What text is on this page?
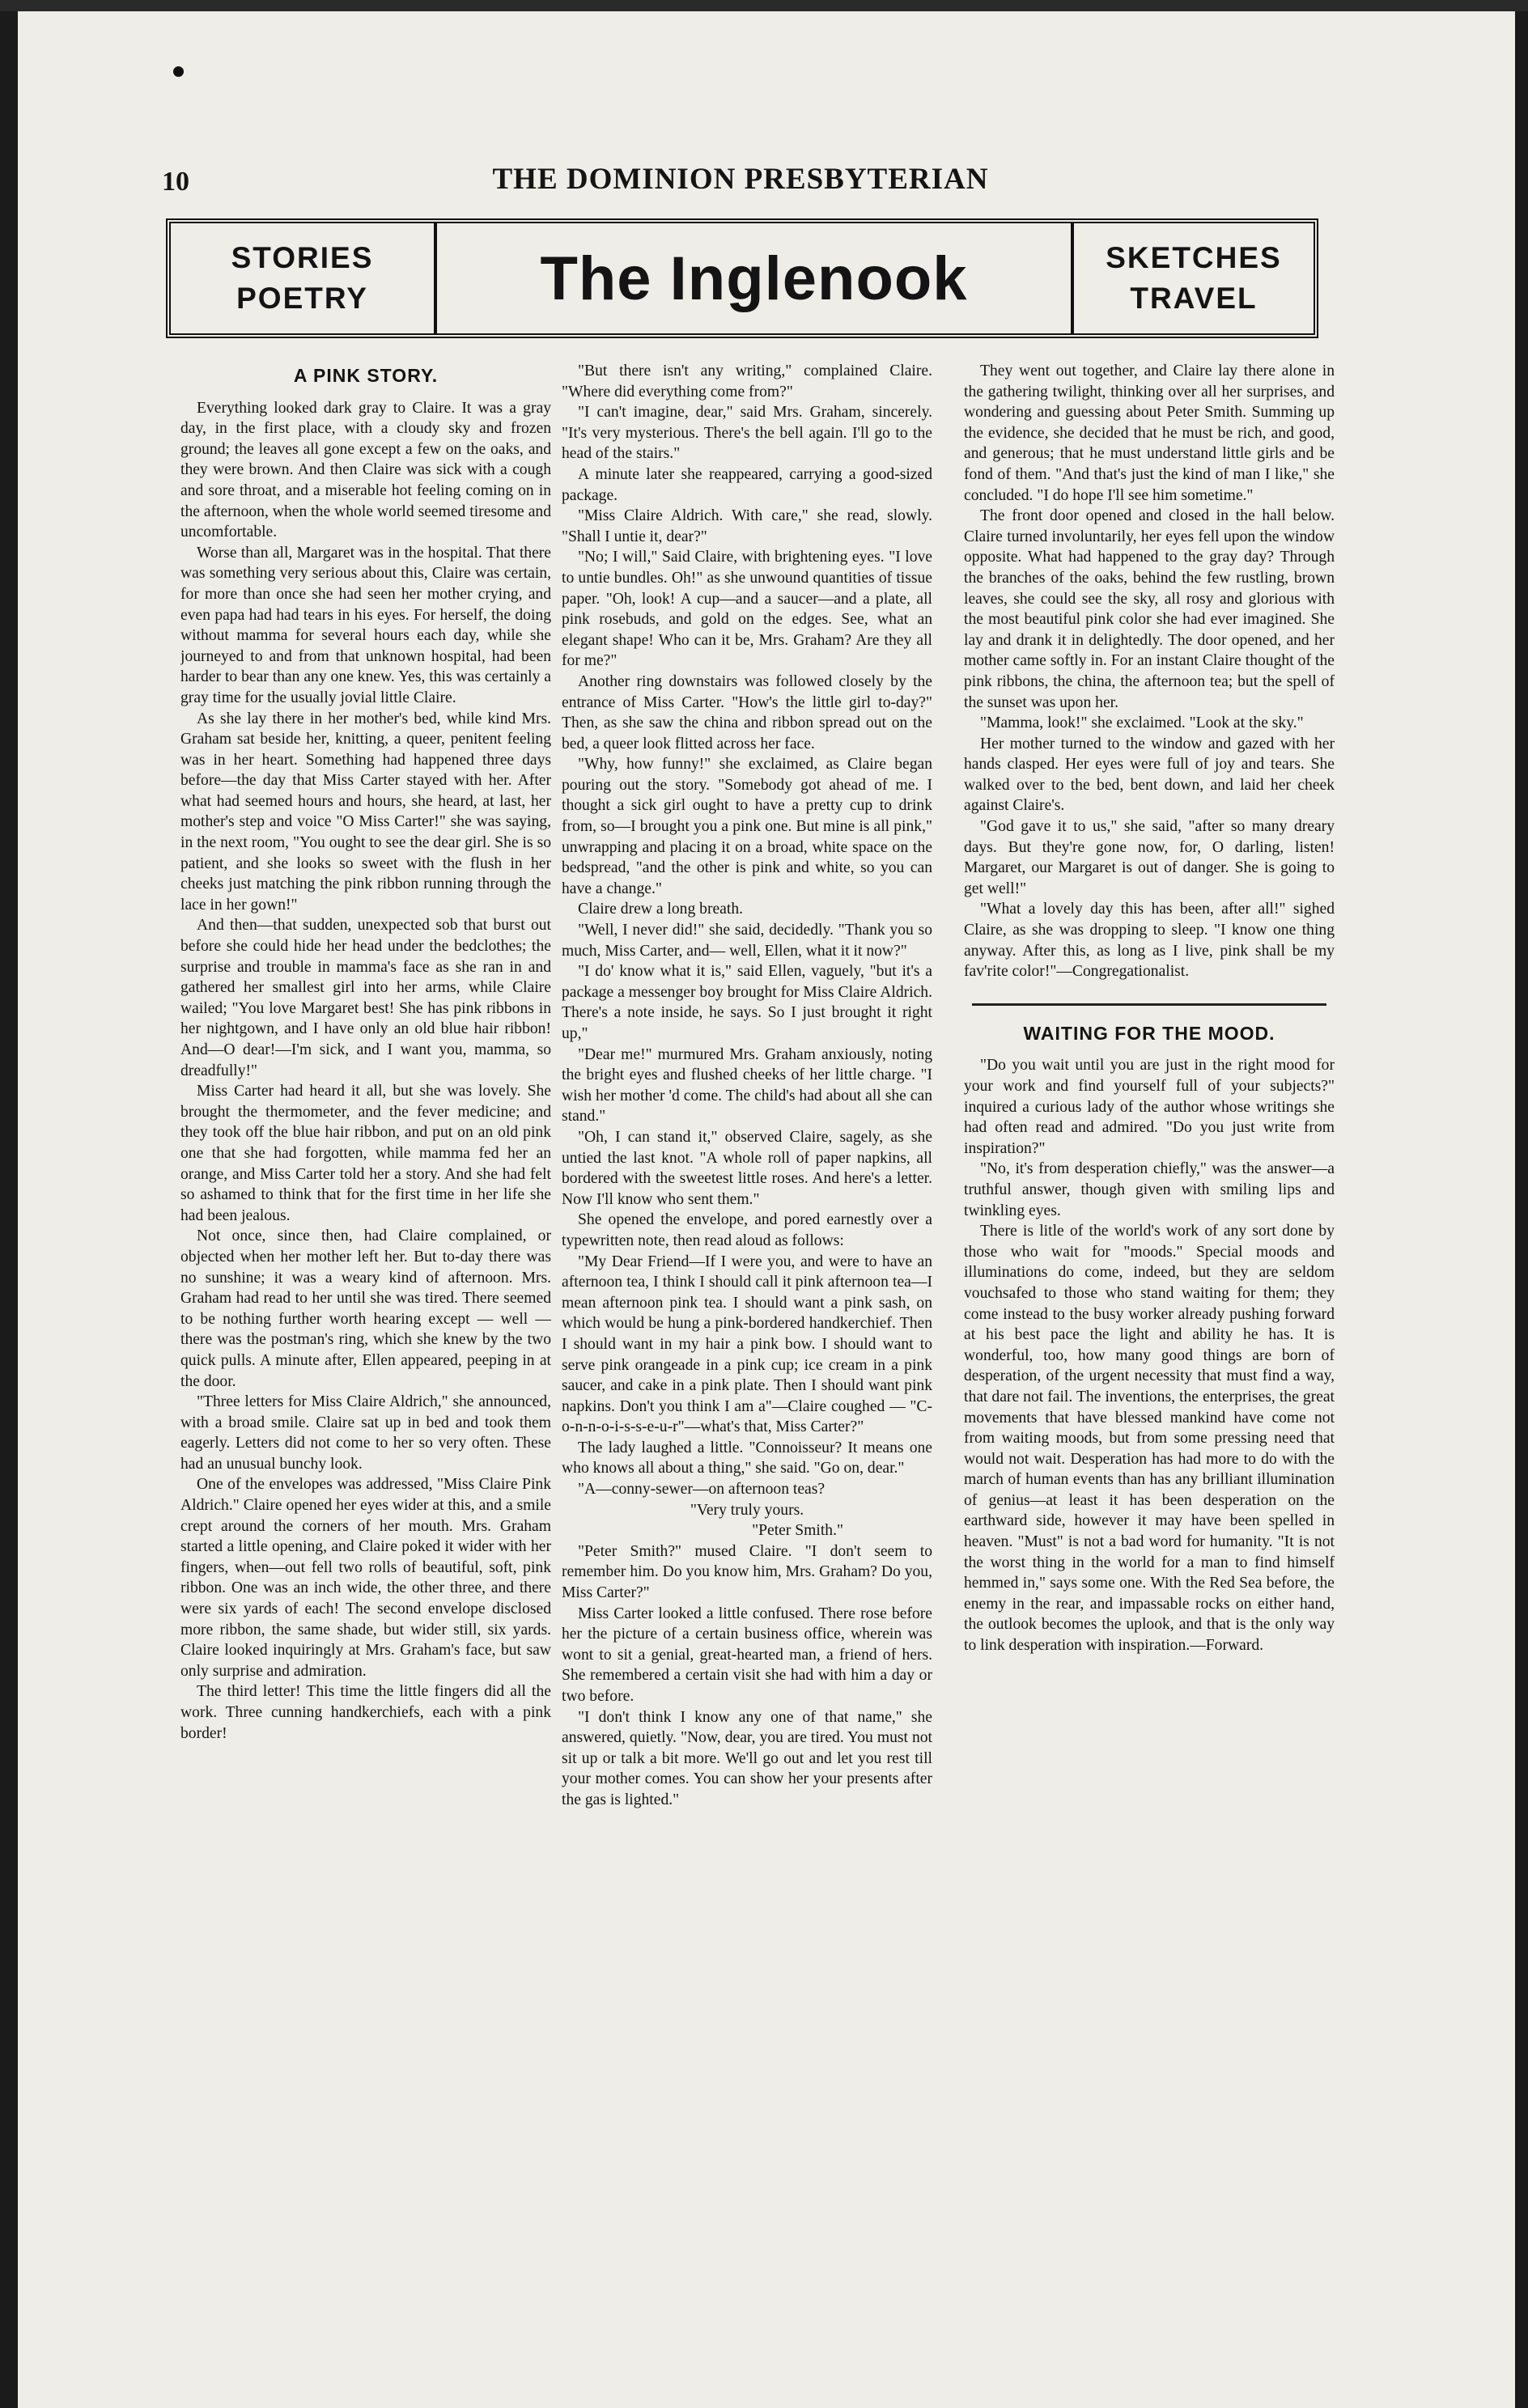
10	THE DOMINION PRESBYTERIAN
STORIES
POETRY	The Inglenook	SKETCHES
TRAVEL
A PINK STORY.

Everything looked dark gray to Claire. It was a gray day, in the first place, with a cloudy sky and frozen ground; the leaves all gone except a few on the oaks, and they were brown. And then Claire was sick with a cough and sore throat, and a miserable hot feeling coming on in the afternoon, when the whole world seemed tiresome and uncomfortable.

Worse than all, Margaret was in the hospital. That there was something very serious about this, Claire was certain, for more than once she had seen her mother crying, and even papa had had tears in his eyes. For herself, the doing without mamma for several hours each day, while she journeyed to and from that unknown hospital, had been harder to bear than any one knew. Yes, this was certainly a gray time for the usually jovial little Claire.

As she lay there in her mother's bed, while kind Mrs. Graham sat beside her, knitting, a queer, penitent feeling was in her heart. Something had happened three days before—the day that Miss Carter stayed with her. After what had seemed hours and hours, she heard, at last, her mother's step and voice "O Miss Carter!" she was saying, in the next room, "You ought to see the dear girl. She is so patient, and she looks so sweet with the flush in her cheeks just matching the pink ribbon running through the lace in her gown!"

And then—that sudden, unexpected sob that burst out before she could hide her head under the bedclothes; the surprise and trouble in mamma's face as she ran in and gathered her smallest girl into her arms, while Claire wailed; "You love Margaret best! She has pink ribbons in her nightgown, and I have only an old blue hair ribbon! And—O dear!—I'm sick, and I want you, mamma, so dreadfully!"

Miss Carter had heard it all, but she was lovely. She brought the thermometer, and the fever medicine; and they took off the blue hair ribbon, and put on an old pink one that she had forgotten, while mamma fed her an orange, and Miss Carter told her a story. And she had felt so ashamed to think that for the first time in her life she had been jealous.

Not once, since then, had Claire complained, or objected when her mother left her. But to-day there was no sunshine; it was a weary kind of afternoon. Mrs. Graham had read to her until she was tired. There seemed to be nothing further worth hearing except — well —there was the postman's ring, which she knew by the two quick pulls. A minute after, Ellen appeared, peeping in at the door.

"Three letters for Miss Claire Aldrich," she announced, with a broad smile. Claire sat up in bed and took them eagerly. Letters did not come to her so very often. These had an unusual bunchy look.

One of the envelopes was addressed, "Miss Claire Pink Aldrich." Claire opened her eyes wider at this, and a smile crept around the corners of her mouth. Mrs. Graham started a little opening, and Claire poked it wider with her fingers, when—out fell two rolls of beautiful, soft, pink ribbon. One was an inch wide, the other three, and there were six yards of each! The second envelope disclosed more ribbon, the same shade, but wider still, six yards. Claire looked inquiringly at Mrs. Graham's face, but saw only surprise and admiration.

The third letter! This time the little fingers did all the work. Three cunning handkerchiefs, each with a pink border!

"But there isn't any writing," complained Claire. "Where did everything come from?"

"I can't imagine, dear," said Mrs. Graham, sincerely. "It's very mysterious. There's the bell again. I'll go to the head of the stairs."

A minute later she reappeared, carrying a good-sized package.

"Miss Claire Aldrich. With care," she read, slowly. "Shall I untie it, dear?"

"No; I will," Said Claire, with brightening eyes. "I love to untie bundles. Oh!" as she unwound quantities of tissue paper. "Oh, look! A cup—and a saucer—and a plate, all pink rosebuds, and gold on the edges. See, what an elegant shape! Who can it be, Mrs. Graham? Are they all for me?"

Another ring downstairs was followed closely by the entrance of Miss Carter. "How's the little girl to-day?" Then, as she saw the china and ribbon spread out on the bed, a queer look flitted across her face.

"Why, how funny!" she exclaimed, as Claire began pouring out the story. "Somebody got ahead of me. I thought a sick girl ought to have a pretty cup to drink from, so—I brought you a pink one. But mine is all pink," unwrapping and placing it on a broad, white space on the bedspread, "and the other is pink and white, so you can have a change."

Claire drew a long breath.

"Well, I never did!" she said, decidedly. "Thank you so much, Miss Carter, and— well, Ellen, what it it now?"

"I do' know what it is," said Ellen, vaguely, "but it's a package a messenger boy brought for Miss Claire Aldrich. There's a note inside, he says. So I just brought it right up,"

"Dear me!" murmured Mrs. Graham anxiously, noting the bright eyes and flushed cheeks of her little charge. "I wish her mother 'd come. The child's had about all she can stand."

"Oh, I can stand it," observed Claire, sagely, as she untied the last knot. "A whole roll of paper napkins, all bordered with the sweetest little roses. And here's a letter. Now I'll know who sent them."

She opened the envelope, and pored earnestly over a typewritten note, then read aloud as follows:

"My Dear Friend—If I were you, and were to have an afternoon tea, I think I should call it pink afternoon tea—I mean afternoon pink tea. I should want a pink sash, on which would be hung a pink-bordered handkerchief. Then I should want in my hair a pink bow. I should want to serve pink orangeade in a pink cup; ice cream in a pink saucer, and cake in a pink plate. Then I should want pink napkins. Don't you think I am a"—Claire coughed — "C-o-n-n-o-i-s-s-e-u-r"—what's that, Miss Carter?"

The lady laughed a little. "Connoisseur? It means one who knows all about a thing," she said. "Go on, dear."

"A—conny-sewer—on afternoon teas?

"Very truly yours.

"Peter Smith."

"Peter Smith?" mused Claire. "I don't seem to remember him. Do you know him, Mrs. Graham? Do you, Miss Carter?"

Miss Carter looked a little confused. There rose before her the picture of a certain business office, wherein was wont to sit a genial, great-hearted man, a friend of hers. She remembered a certain visit she had with him a day or two before.

"I don't think I know any one of that name," she answered, quietly. "Now, dear, you are tired. You must not sit up or talk a bit more. We'll go out and let you rest till your mother comes. You can show her your presents after the gas is lighted."

They went out together, and Claire lay there alone in the gathering twilight, thinking over all her surprises, and wondering and guessing about Peter Smith. Summing up the evidence, she decided that he must be rich, and good, and generous; that he must understand little girls and be fond of them. "And that's just the kind of man I like," she concluded. "I do hope I'll see him sometime."

The front door opened and closed in the hall below. Claire turned involuntarily, her eyes fell upon the window opposite. What had happened to the gray day? Through the branches of the oaks, behind the few rustling, brown leaves, she could see the sky, all rosy and glorious with the most beautiful pink color she had ever imagined. She lay and drank it in delightedly. The door opened, and her mother came softly in. For an instant Claire thought of the pink ribbons, the china, the afternoon tea; but the spell of the sunset was upon her.

"Mamma, look!" she exclaimed. "Look at the sky."

Her mother turned to the window and gazed with her hands clasped. Her eyes were full of joy and tears. She walked over to the bed, bent down, and laid her cheek against Claire's.

"God gave it to us," she said, "after so many dreary days. But they're gone now, for, O darling, listen! Margaret, our Margaret is out of danger. She is going to get well!"

"What a lovely day this has been, after all!" sighed Claire, as she was dropping to sleep. "I know one thing anyway. After this, as long as I live, pink shall be my fav'rite color!"—Congregationalist.

WAITING FOR THE MOOD.

"Do you wait until you are just in the right mood for your work and find yourself full of your subjects?" inquired a curious lady of the author whose writings she had often read and admired. "Do you just write from inspiration?"

"No, it's from desperation chiefly," was the answer—a truthful answer, though given with smiling lips and twinkling eyes.

There is litle of the world's work of any sort done by those who wait for "moods." Special moods and illuminations do come, indeed, but they are seldom vouchsafed to those who stand waiting for them; they come instead to the busy worker already pushing forward at his best pace the light and ability he has. It is wonderful, too, how many good things are born of desperation, of the urgent necessity that must find a way, that dare not fail. The inventions, the enterprises, the great movements that have blessed mankind have come not from waiting moods, but from some pressing need that would not wait. Desperation has had more to do with the march of human events than has any brilliant illumination of genius—at least it has been desperation on the earthward side, however it may have been spelled in heaven. "Must" is not a bad word for humanity. "It is not the worst thing in the world for a man to find himself hemmed in," says some one. With the Red Sea before, the enemy in the rear, and impassable rocks on either hand, the outlook becomes the uplook, and that is the only way to link desperation with inspiration.—Forward.
